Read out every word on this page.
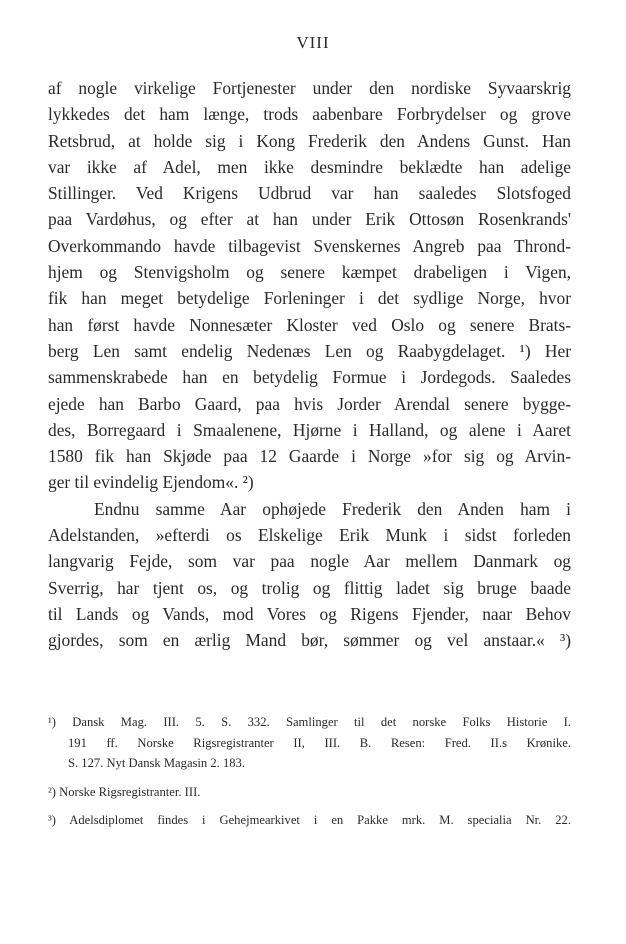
VIII
af nogle virkelige Fortjenester under den nordiske Syvaarskrig
lykkedes det ham længe, trods aabenbare Forbrydelser og grove
Retsbrud, at holde sig i Kong Frederik den Andens Gunst. Han
var ikke af Adel, men ikke desmindre beklædte han adelige
Stillinger. Ved Krigens Udbrud var han saaledes Slotsfoged
paa Vardøhus, og efter at han under Erik Ottosøn Rosenkrands'
Overkommando havde tilbagevist Svenskernes Angreb paa Thrond-
hjem og Stenvigsholm og senere kæmpet drabeligen i Vigen,
fik han meget betydelige Forleninger i det sydlige Norge, hvor
han først havde Nonnesæter Kloster ved Oslo og senere Brats-
berg Len samt endelig Nedenæs Len og Raabygdelaget. ¹) Her
sammenskrabede han en betydelig Formue i Jordegods. Saaledes
ejede han Barbo Gaard, paa hvis Jorder Arendal senere bygge-
des, Borregaard i Smaalenene, Hjørne i Halland, og alene i Aaret
1580 fik han Skjøde paa 12 Gaarde i Norge »for sig og Arvin-
ger til evindelig Ejendom«. ²)
Endnu samme Aar ophøjede Frederik den Anden ham i
Adelstanden, »efterdi os Elskelige Erik Munk i sidst forleden
langvarig Fejde, som var paa nogle Aar mellem Danmark og
Sverrig, har tjent os, og trolig og flittig ladet sig bruge baade
til Lands og Vands, mod Vores og Rigens Fjender, naar Behov
gjordes, som en ærlig Mand bør, sømmer og vel anstaar.« ³)
¹) Dansk Mag. III. 5. S. 332. Samlinger til det norske Folks Historie I.
191 ff. Norske Rigsregistranter II, III. B. Resen: Fred. II.s Krønike.
S. 127. Nyt Dansk Magasin 2. 183.
²) Norske Rigsregistranter. III.
³) Adelsdiplomet findes i Gehejmearkivet i en Pakke mrk. M. specialia Nr. 22.
